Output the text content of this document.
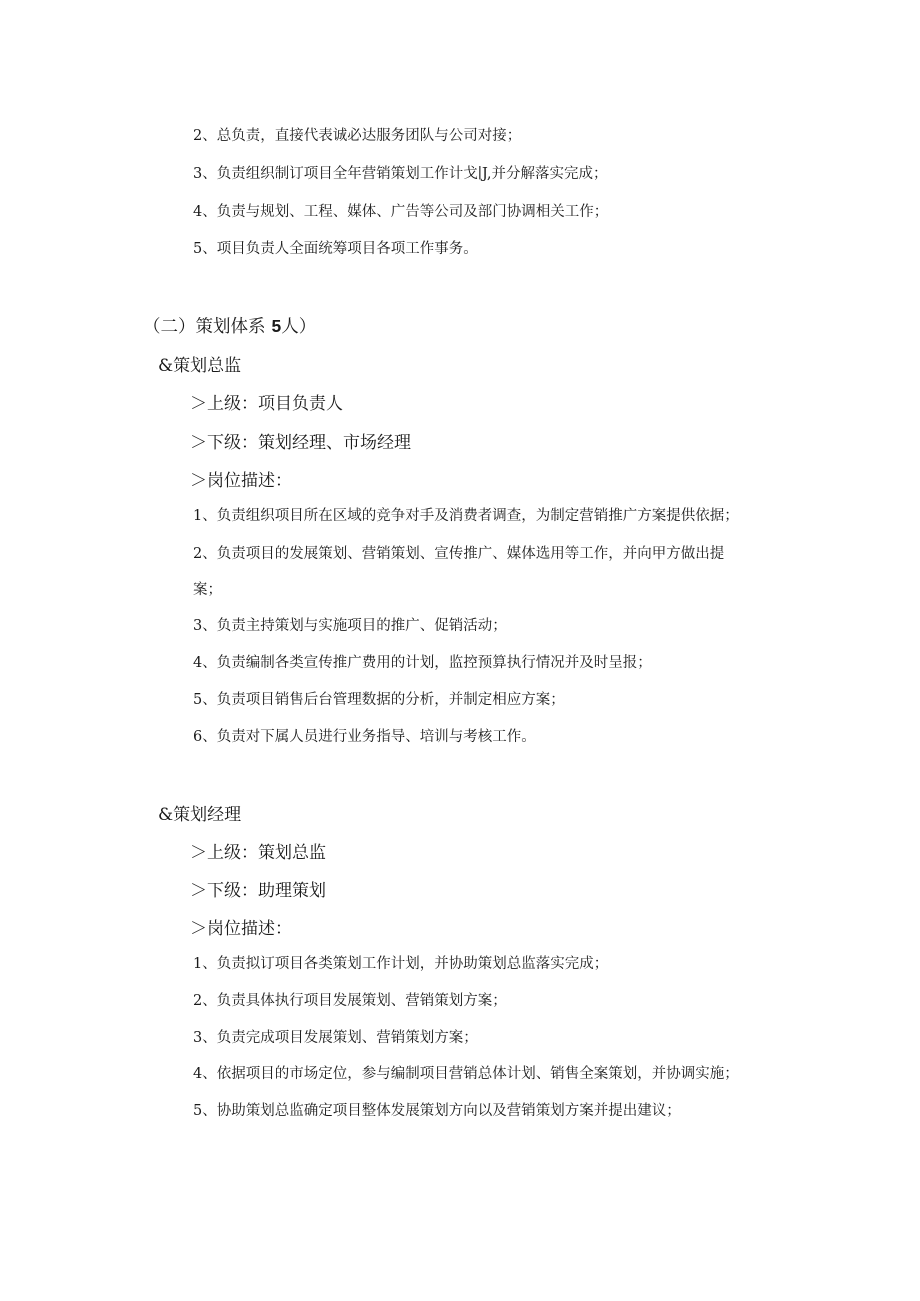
2、总负责，直接代表诚必达服务团队与公司对接；
3、负责组织制订项目全年营销策划工作计戈∣J,并分解落实完成；
4、负责与规划、工程、媒体、广告等公司及部门协调相关工作；
5、项目负责人全面统筹项目各项工作事务。
（二）策划体系 5人）
&策划总监
＞上级：项目负责人
＞下级：策划经理、市场经理
＞岗位描述：
1、负责组织项目所在区域的竞争对手及消费者调查，为制定营销推广方案提供依据；
2、负责项目的发展策划、营销策划、宣传推广、媒体选用等工作，并向甲方做出提
案；
3、负责主持策划与实施项目的推广、促销活动；
4、负责编制各类宣传推广费用的计划，监控预算执行情况并及时呈报；
5、负责项目销售后台管理数据的分析，并制定相应方案；
6、负责对下属人员进行业务指导、培训与考核工作。
&策划经理
＞上级：策划总监
＞下级：助理策划
＞岗位描述：
1、负责拟订项目各类策划工作计划，并协助策划总监落实完成；
2、负责具体执行项目发展策划、营销策划方案；
3、负责完成项目发展策划、营销策划方案；
4、依据项目的市场定位，参与编制项目营销总体计划、销售全案策划，并协调实施；
5、协助策划总监确定项目整体发展策划方向以及营销策划方案并提出建议；
